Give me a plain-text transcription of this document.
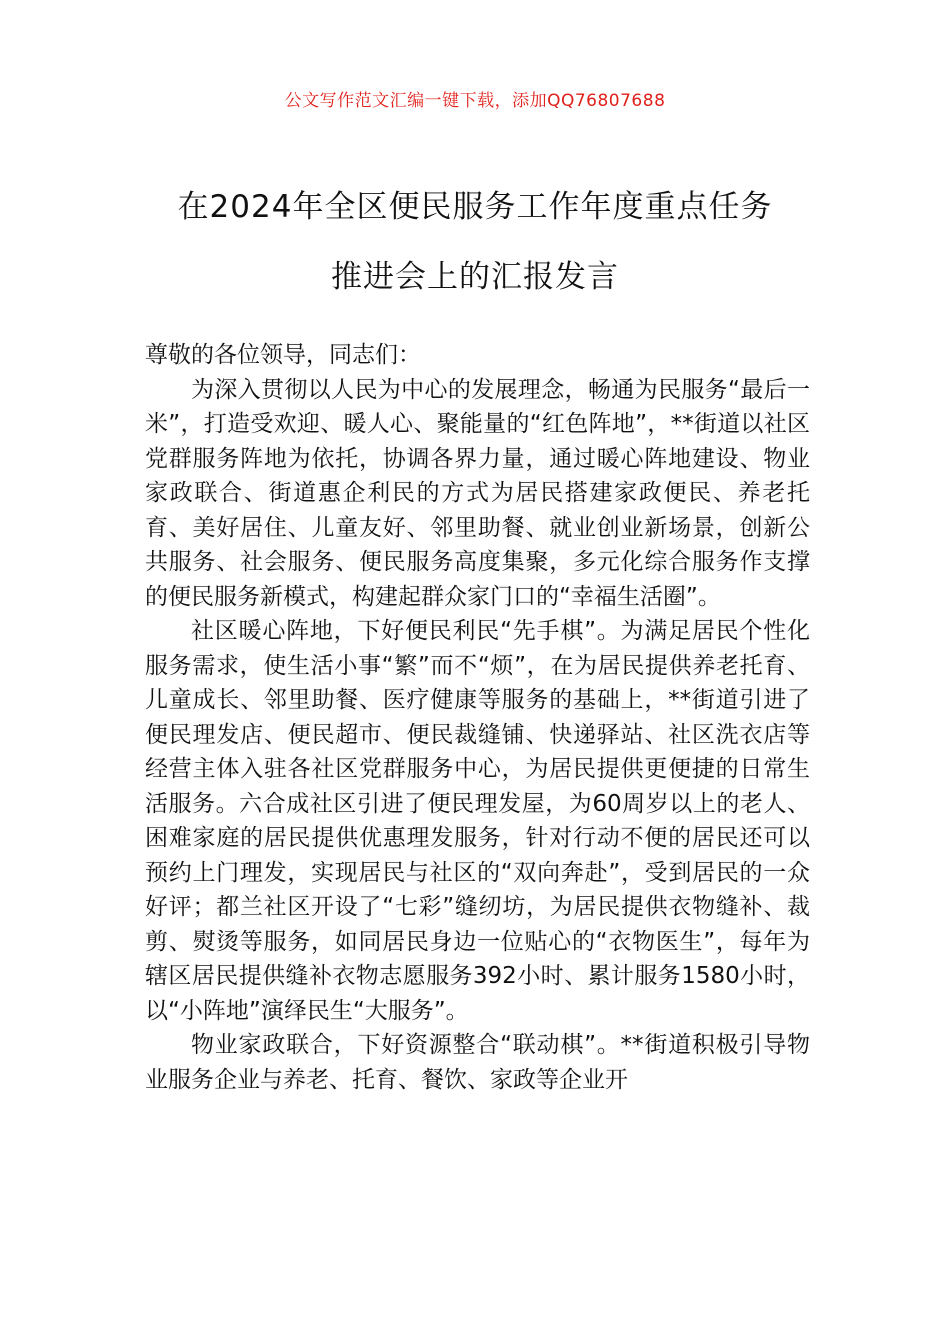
公文写作范文汇编一键下载，添加QQ76807688
在2024年全区便民服务工作年度重点任务
推进会上的汇报发言

尊敬的各位领导，同志们：

为深入贯彻以人民为中心的发展理念，畅通为民服务“最后一米”，打造受欢迎、暖人心、聚能量的“红色阵地”，**街道以社区党群服务阵地为依托，协调各界力量，通过暖心阵地建设、物业家政联合、街道惠企利民的方式为居民搭建家政便民、养老托育、美好居住、儿童友好、邻里助餐、就业创业新场景，创新公共服务、社会服务、便民服务高度集聚，多元化综合服务作支撑的便民服务新模式，构建起群众家门口的“幸福生活圈”。

社区暖心阵地，下好便民利民“先手棋”。为满足居民个性化服务需求，使生活小事“繁”而不“烦”，在为居民提供养老托育、儿童成长、邻里助餐、医疗健康等服务的基础上，**街道引进了便民理发店、便民超市、便民裁缝铺、快递驿站、社区洗衣店等经营主体入驻各社区党群服务中心，为居民提供更便捷的日常生活服务。六合成社区引进了便民理发屋，为60周岁以上的老人、困难家庭的居民提供优惠理发服务，针对行动不便的居民还可以预约上门理发，实现居民与社区的“双向奔赴”，受到居民的一众好评；都兰社区开设了“七彩”缝纫坊，为居民提供衣物缝补、裁剪、熨烫等服务，如同居民身边一位贴心的“衣物医生”，每年为辖区居民提供缝补衣物志愿服务392小时、累计服务1580小时，以“小阵地”演绎民生“大服务”。

物业家政联合，下好资源整合“联动棋”。**街道积极引导物业服务企业与养老、托育、餐饮、家政等企业开
